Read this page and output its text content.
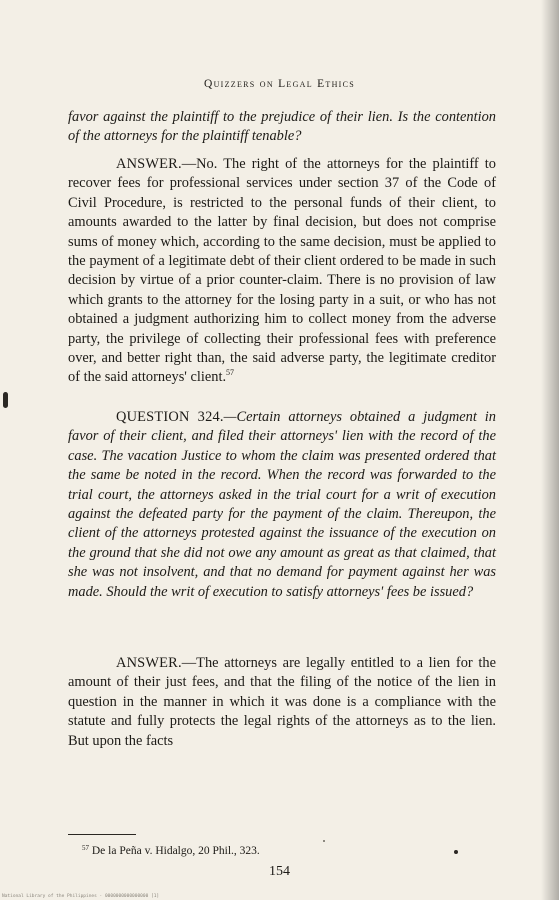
Quizzers on Legal Ethics

favor against the plaintiff to the prejudice of their lien. Is the contention of the attorneys for the plaintiff tenable?

ANSWER.—No. The right of the attorneys for the plaintiff to recover fees for professional services under section 37 of the Code of Civil Procedure, is restricted to the personal funds of their client, to amounts awarded to the latter by final decision, but does not comprise sums of money which, according to the same decision, must be applied to the payment of a legitimate debt of their client ordered to be made in such decision by virtue of a prior counter-claim. There is no provision of law which grants to the attorney for the losing party in a suit, or who has not obtained a judgment authorizing him to collect money from the adverse party, the privilege of collecting their professional fees with preference over, and better right than, the said adverse party, the legitimate creditor of the said attorneys' client.$^{57}$

QUESTION 324.—Certain attorneys obtained a judgment in favor of their client, and filed their attorneys' lien with the record of the case. The vacation Justice to whom the claim was presented ordered that the same be noted in the record. When the record was forwarded to the trial court, the attorneys asked in the trial court for a writ of execution against the defeated party for the payment of the claim. Thereupon, the client of the attorneys protested against the issuance of the execution on the ground that she did not owe any amount as great as that claimed, that she was not insolvent, and that no demand for payment against her was made. Should the writ of execution to satisfy attorneys' fees be issued?

ANSWER.—The attorneys are legally entitled to a lien for the amount of their just fees, and that the filing of the notice of the lien in question in the manner in which it was done is a compliance with the statute and fully protects the legal rights of the attorneys as to the lien. But upon the facts

$^{57}$ De la Peña v. Hidalgo, 20 Phil., 323.

154

National Library of the Philippines · 0000000000000000 [1]
